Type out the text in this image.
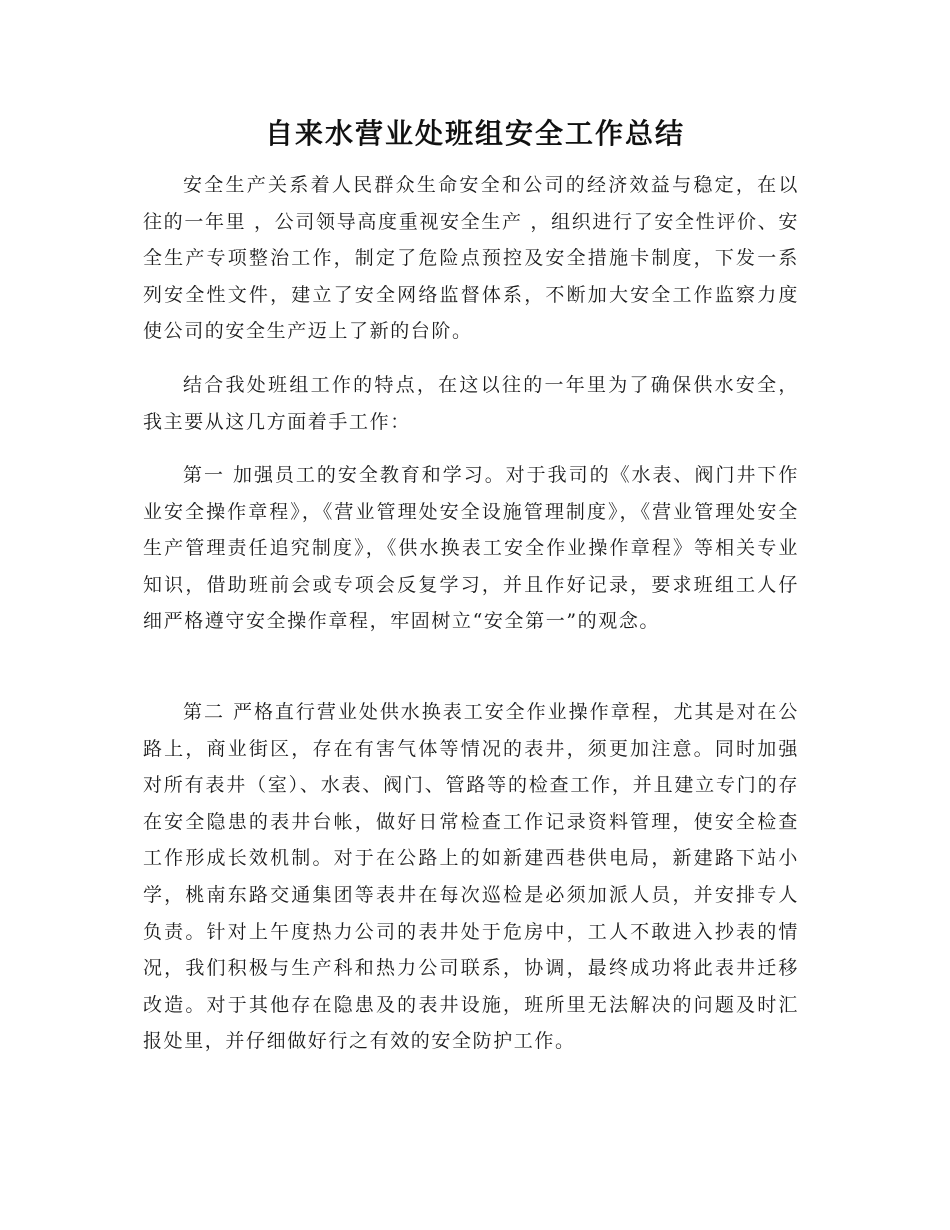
自来水营业处班组安全工作总结

安全生产关系着人民群众生命安全和公司的经济效益与稳定，在以往的一年里 ，公司领导高度重视安全生产 ，组织进行了安全性评价、安全生产专项整治工作，制定了危险点预控及安全措施卡制度，下发一系列安全性文件，建立了安全网络监督体系，不断加大安全工作监察力度使公司的安全生产迈上了新的台阶。

结合我处班组工作的特点，在这以往的一年里为了确保供水安全，我主要从这几方面着手工作：

第一 加强员工的安全教育和学习。对于我司的《水表、阀门井下作业安全操作章程》，《营业管理处安全设施管理制度》，《营业管理处安全生产管理责任追究制度》，《供水换表工安全作业操作章程》等相关专业知识，借助班前会或专项会反复学习，并且作好记录，要求班组工人仔细严格遵守安全操作章程，牢固树立“安全第一”的观念。

第二 严格直行营业处供水换表工安全作业操作章程，尤其是对在公路上，商业街区，存在有害气体等情况的表井，须更加注意。同时加强对所有表井（室）、水表、阀门、管路等的检查工作，并且建立专门的存在安全隐患的表井台帐，做好日常检查工作记录资料管理，使安全检查工作形成长效机制。对于在公路上的如新建西巷供电局，新建路下站小学，桃南东路交通集团等表井在每次巡检是必须加派人员，并安排专人负责。针对上午度热力公司的表井处于危房中，工人不敢进入抄表的情况，我们积极与生产科和热力公司联系，协调，最终成功将此表井迁移改造。对于其他存在隐患及的表井设施，班所里无法解决的问题及时汇报处里，并仔细做好行之有效的安全防护工作。
